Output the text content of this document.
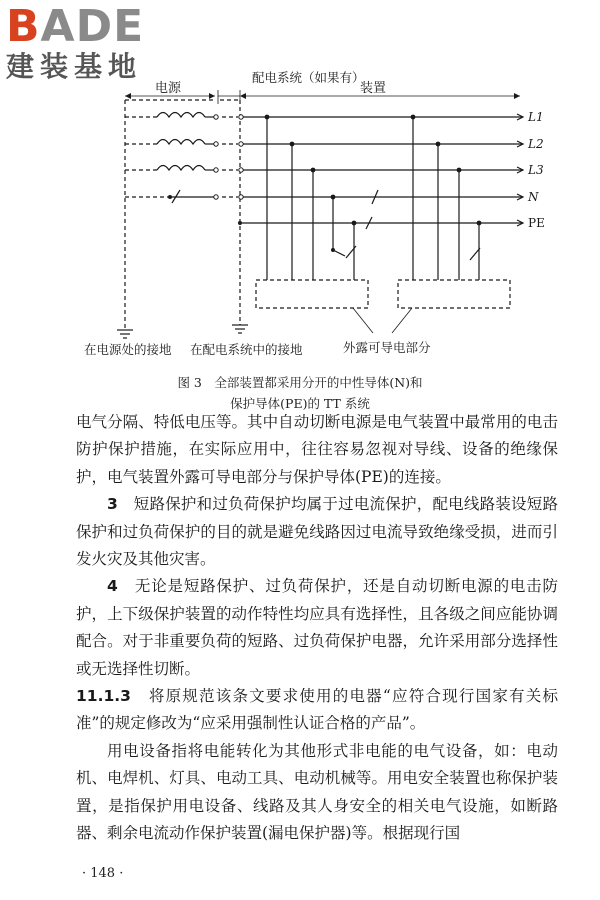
BADE
建装基地
电源
配电系统（如果有）
装置
L1
L2
L3
N
PE
在电源处的接地 在配电系统中的接地	外露可导电部分
图 3　全部装置都采用分开的中性导体(N)和
保护导体(PE)的 TT 系统

电气分隔、特低电压等。其中自动切断电源是电气装置中最常用的电击防护保护措施，在实际应用中，往往容易忽视对导线、设备的绝缘保护，电气装置外露可导电部分与保护导体(PE)的连接。

3　 短路保护和过负荷保护均属于过电流保护，配电线路装设短路保护和过负荷保护的目的就是避免线路因过电流导致绝缘受损，进而引发火灾及其他灾害。

4　 无论是短路保护、过负荷保护，还是自动切断电源的电击防护，上下级保护装置的动作特性均应具有选择性，且各级之间应能协调配合。对于非重要负荷的短路、过负荷保护电器，允许采用部分选择性或无选择性切断。

11.1.3　 将原规范该条文要求使用的电器“应符合现行国家有关标准”的规定修改为“应采用强制性认证合格的产品”。

用电设备指将电能转化为其他形式非电能的电气设备，如：电动机、电焊机、灯具、电动工具、电动机械等。用电安全装置也称保护装置，是指保护用电设备、线路及其人身安全的相关电气设施，如断路器、剩余电流动作保护装置(漏电保护器)等。根据现行国

· 148 ·
